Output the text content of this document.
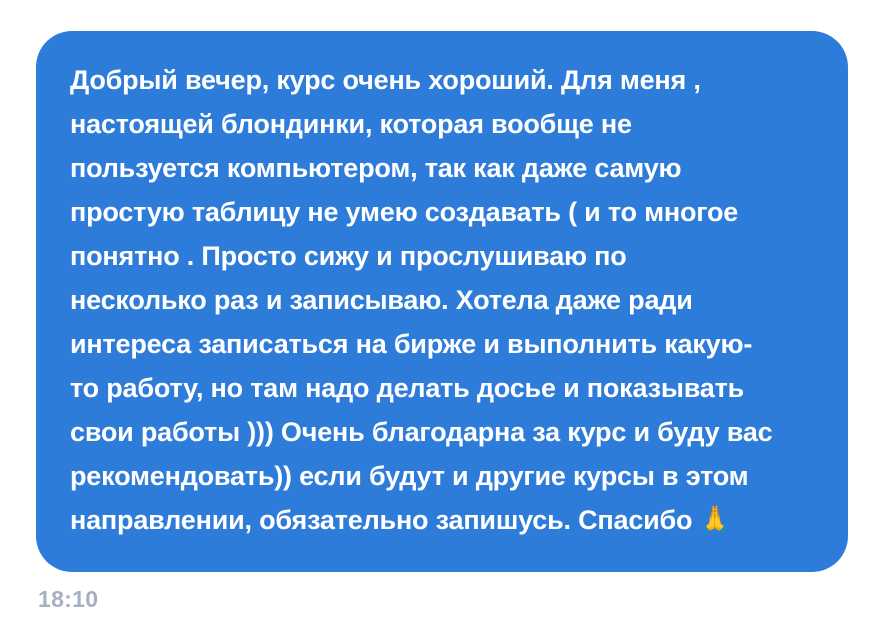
Добрый вечер, курс очень хороший. Для меня ,
настоящей блондинки, которая вообще не
пользуется компьютером, так как даже самую
простую таблицу не умею создавать ( и то многое
понятно . Просто сижу и прослушиваю по
несколько раз и записываю. Хотела даже ради
интереса записаться на бирже и выполнить какую-
то работу, но там надо делать досье и показывать
свои работы ))) Очень благодарна за курс и буду вас
рекомендовать)) если будут и другие курсы в этом
направлении, обязательно запишусь. Спасибо 🙏
18:10
